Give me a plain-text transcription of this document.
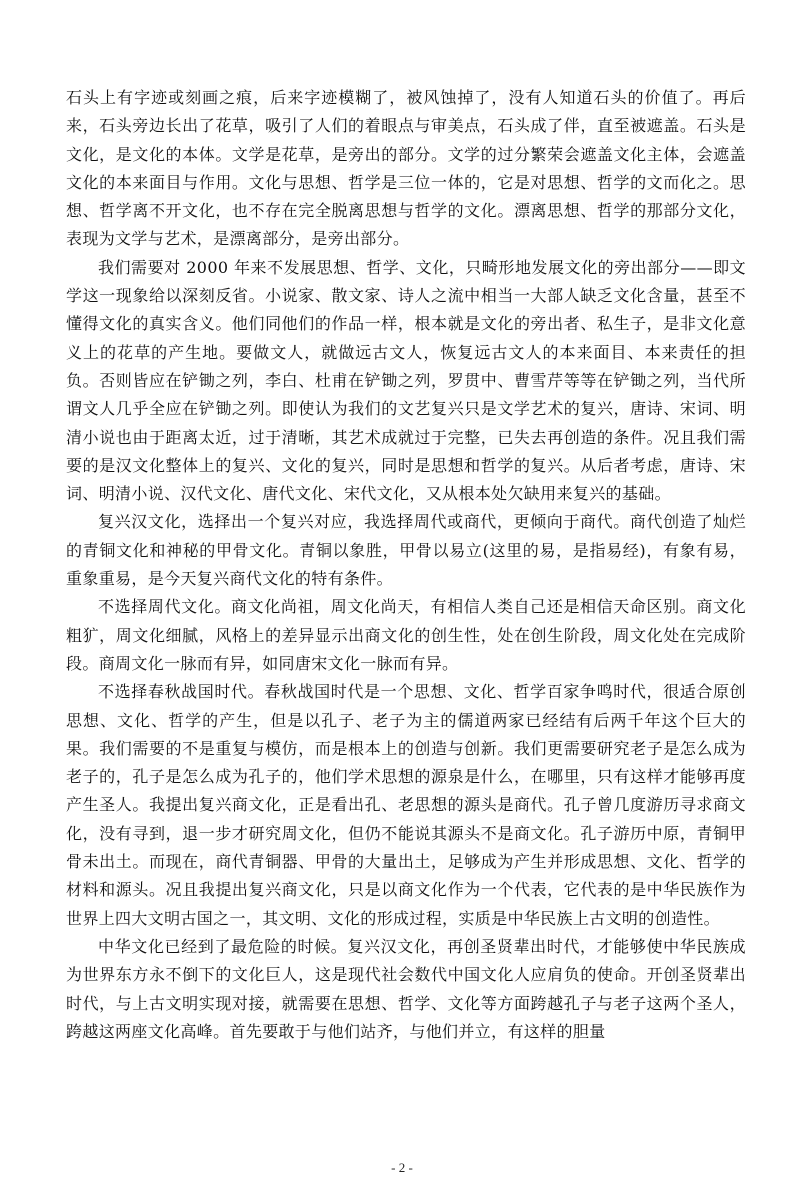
石头上有字迹或刻画之痕，后来字迹模糊了，被风蚀掉了，没有人知道石头的价值了。再后来，石头旁边长出了花草，吸引了人们的着眼点与审美点，石头成了伴，直至被遮盖。石头是文化，是文化的本体。文学是花草，是旁出的部分。文学的过分繁荣会遮盖文化主体，会遮盖文化的本来面目与作用。文化与思想、哲学是三位一体的，它是对思想、哲学的文而化之。思想、哲学离不开文化，也不存在完全脱离思想与哲学的文化。漂离思想、哲学的那部分文化，表现为文学与艺术，是漂离部分，是旁出部分。

我们需要对 2000 年来不发展思想、哲学、文化，只畸形地发展文化的旁出部分——即文学这一现象给以深刻反省。小说家、散文家、诗人之流中相当一大部人缺乏文化含量，甚至不懂得文化的真实含义。他们同他们的作品一样，根本就是文化的旁出者、私生子，是非文化意义上的花草的产生地。要做文人，就做远古文人，恢复远古文人的本来面目、本来责任的担负。否则皆应在铲锄之列，李白、杜甫在铲锄之列，罗贯中、曹雪芹等等在铲锄之列，当代所谓文人几乎全应在铲锄之列。即使认为我们的文艺复兴只是文学艺术的复兴，唐诗、宋词、明清小说也由于距离太近，过于清晰，其艺术成就过于完整，已失去再创造的条件。况且我们需要的是汉文化整体上的复兴、文化的复兴，同时是思想和哲学的复兴。从后者考虑，唐诗、宋词、明清小说、汉代文化、唐代文化、宋代文化，又从根本处欠缺用来复兴的基础。

复兴汉文化，选择出一个复兴对应，我选择周代或商代，更倾向于商代。商代创造了灿烂的青铜文化和神秘的甲骨文化。青铜以象胜，甲骨以易立(这里的易，是指易经)，有象有易，重象重易，是今天复兴商代文化的特有条件。

不选择周代文化。商文化尚祖，周文化尚天，有相信人类自己还是相信天命区别。商文化粗犷，周文化细腻，风格上的差异显示出商文化的创生性，处在创生阶段，周文化处在完成阶段。商周文化一脉而有异，如同唐宋文化一脉而有异。

不选择春秋战国时代。春秋战国时代是一个思想、文化、哲学百家争鸣时代，很适合原创思想、文化、哲学的产生，但是以孔子、老子为主的儒道两家已经结有后两千年这个巨大的果。我们需要的不是重复与模仿，而是根本上的创造与创新。我们更需要研究老子是怎么成为老子的，孔子是怎么成为孔子的，他们学术思想的源泉是什么，在哪里，只有这样才能够再度产生圣人。我提出复兴商文化，正是看出孔、老思想的源头是商代。孔子曾几度游历寻求商文化，没有寻到，退一步才研究周文化，但仍不能说其源头不是商文化。孔子游历中原，青铜甲骨未出土。而现在，商代青铜器、甲骨的大量出土，足够成为产生并形成思想、文化、哲学的材料和源头。况且我提出复兴商文化，只是以商文化作为一个代表，它代表的是中华民族作为世界上四大文明古国之一，其文明、文化的形成过程，实质是中华民族上古文明的创造性。

中华文化已经到了最危险的时候。复兴汉文化，再创圣贤辈出时代，才能够使中华民族成为世界东方永不倒下的文化巨人，这是现代社会数代中国文化人应肩负的使命。开创圣贤辈出时代，与上古文明实现对接，就需要在思想、哲学、文化等方面跨越孔子与老子这两个圣人，跨越这两座文化高峰。首先要敢于与他们站齐，与他们并立，有这样的胆量

- 2 -
